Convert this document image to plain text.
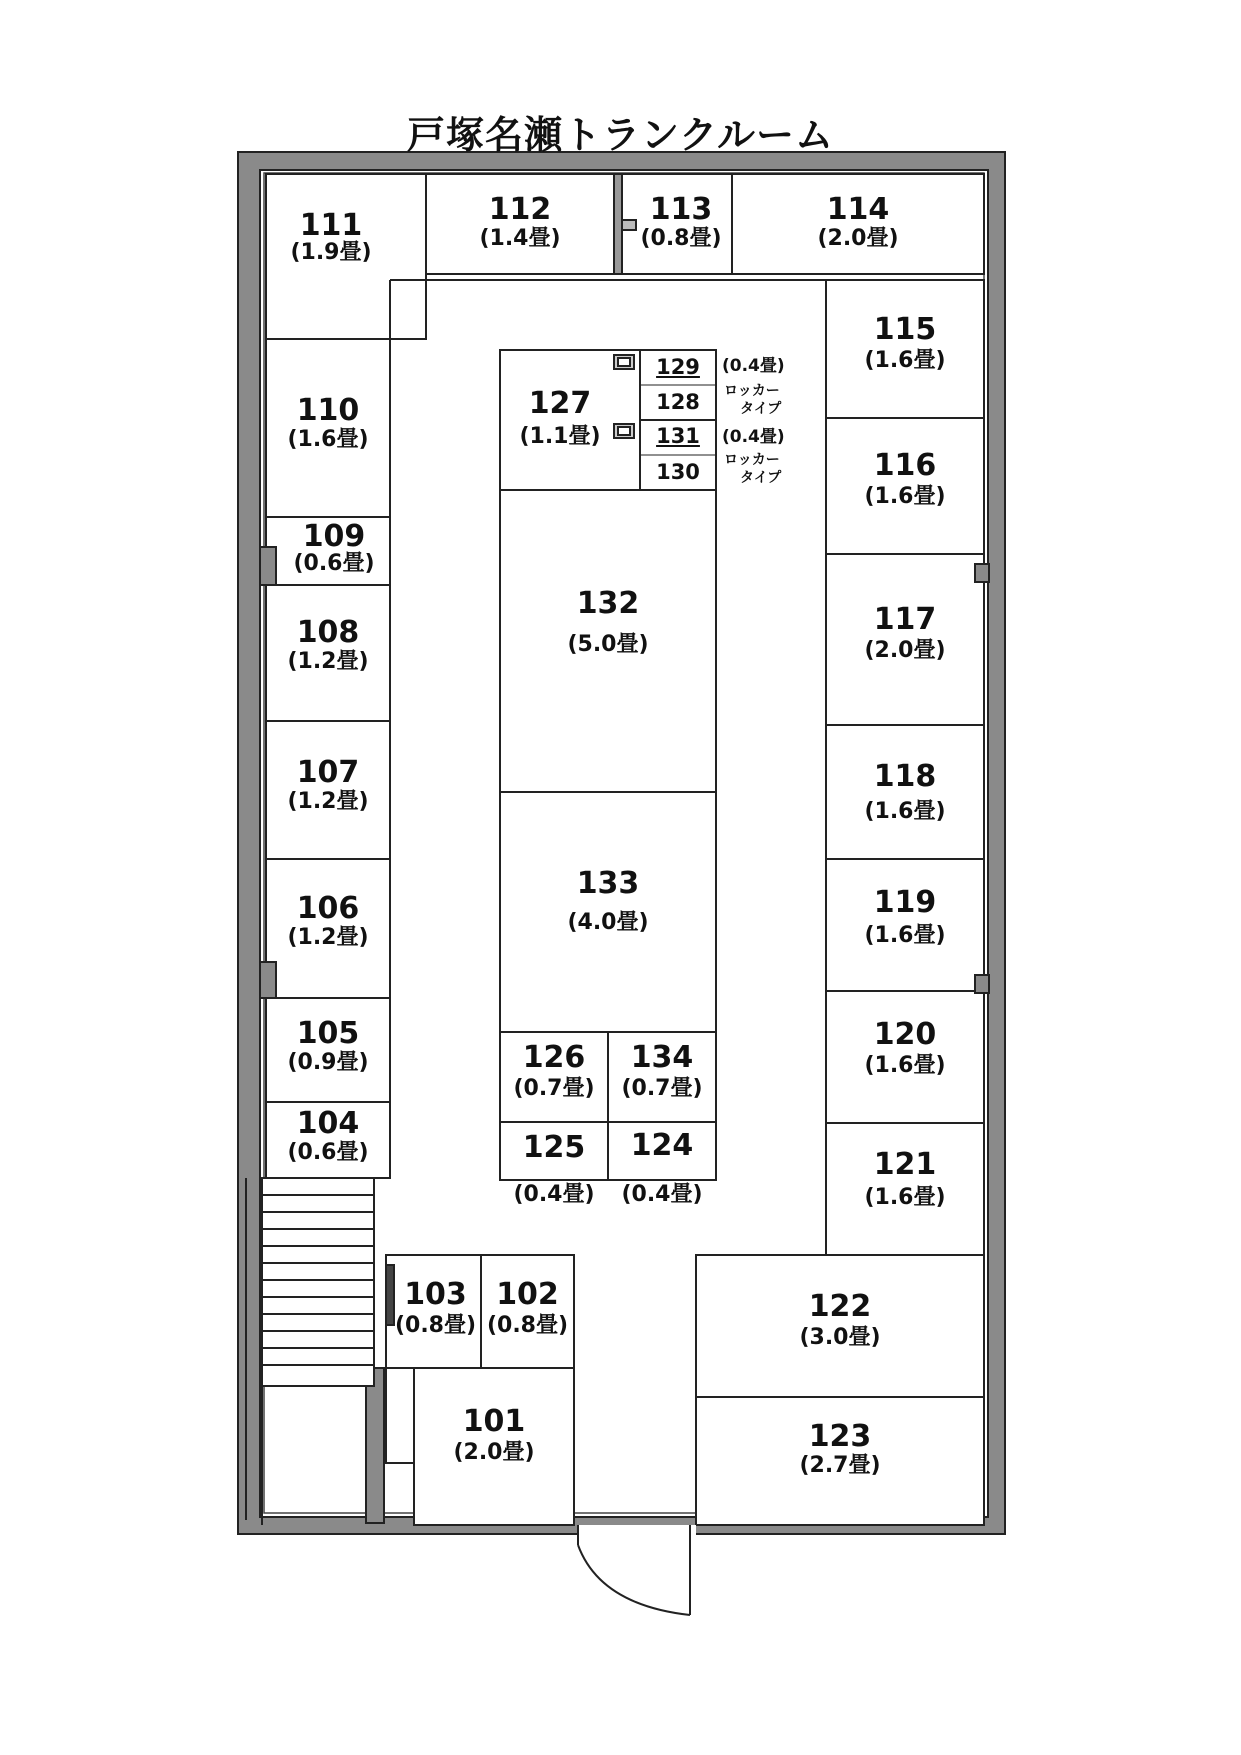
戸塚名瀬トランクルーム
111
(1.9畳)
112
(1.4畳)
113
(0.8畳)
114
(2.0畳)
115
(1.6畳)
116
(1.6畳)
117
(2.0畳)
118
(1.6畳)
119
(1.6畳)
120
(1.6畳)
121
(1.6畳)
122
(3.0畳)
123
(2.7畳)
110
(1.6畳)
109
(0.6畳)
108
(1.2畳)
107
(1.2畳)
106
(1.2畳)
105
(0.9畳)
104
(0.6畳)
103
(0.8畳)
102
(0.8畳)
101
(2.0畳)
127
(1.1畳)
132
(5.0畳)
133
(4.0畳)
126
(0.7畳)
134
(0.7畳)
125
(0.4畳)
124
(0.4畳)
129
128
131
130
(0.4畳)
ロッカー
タイプ
(0.4畳)
ロッカー
タイプ
